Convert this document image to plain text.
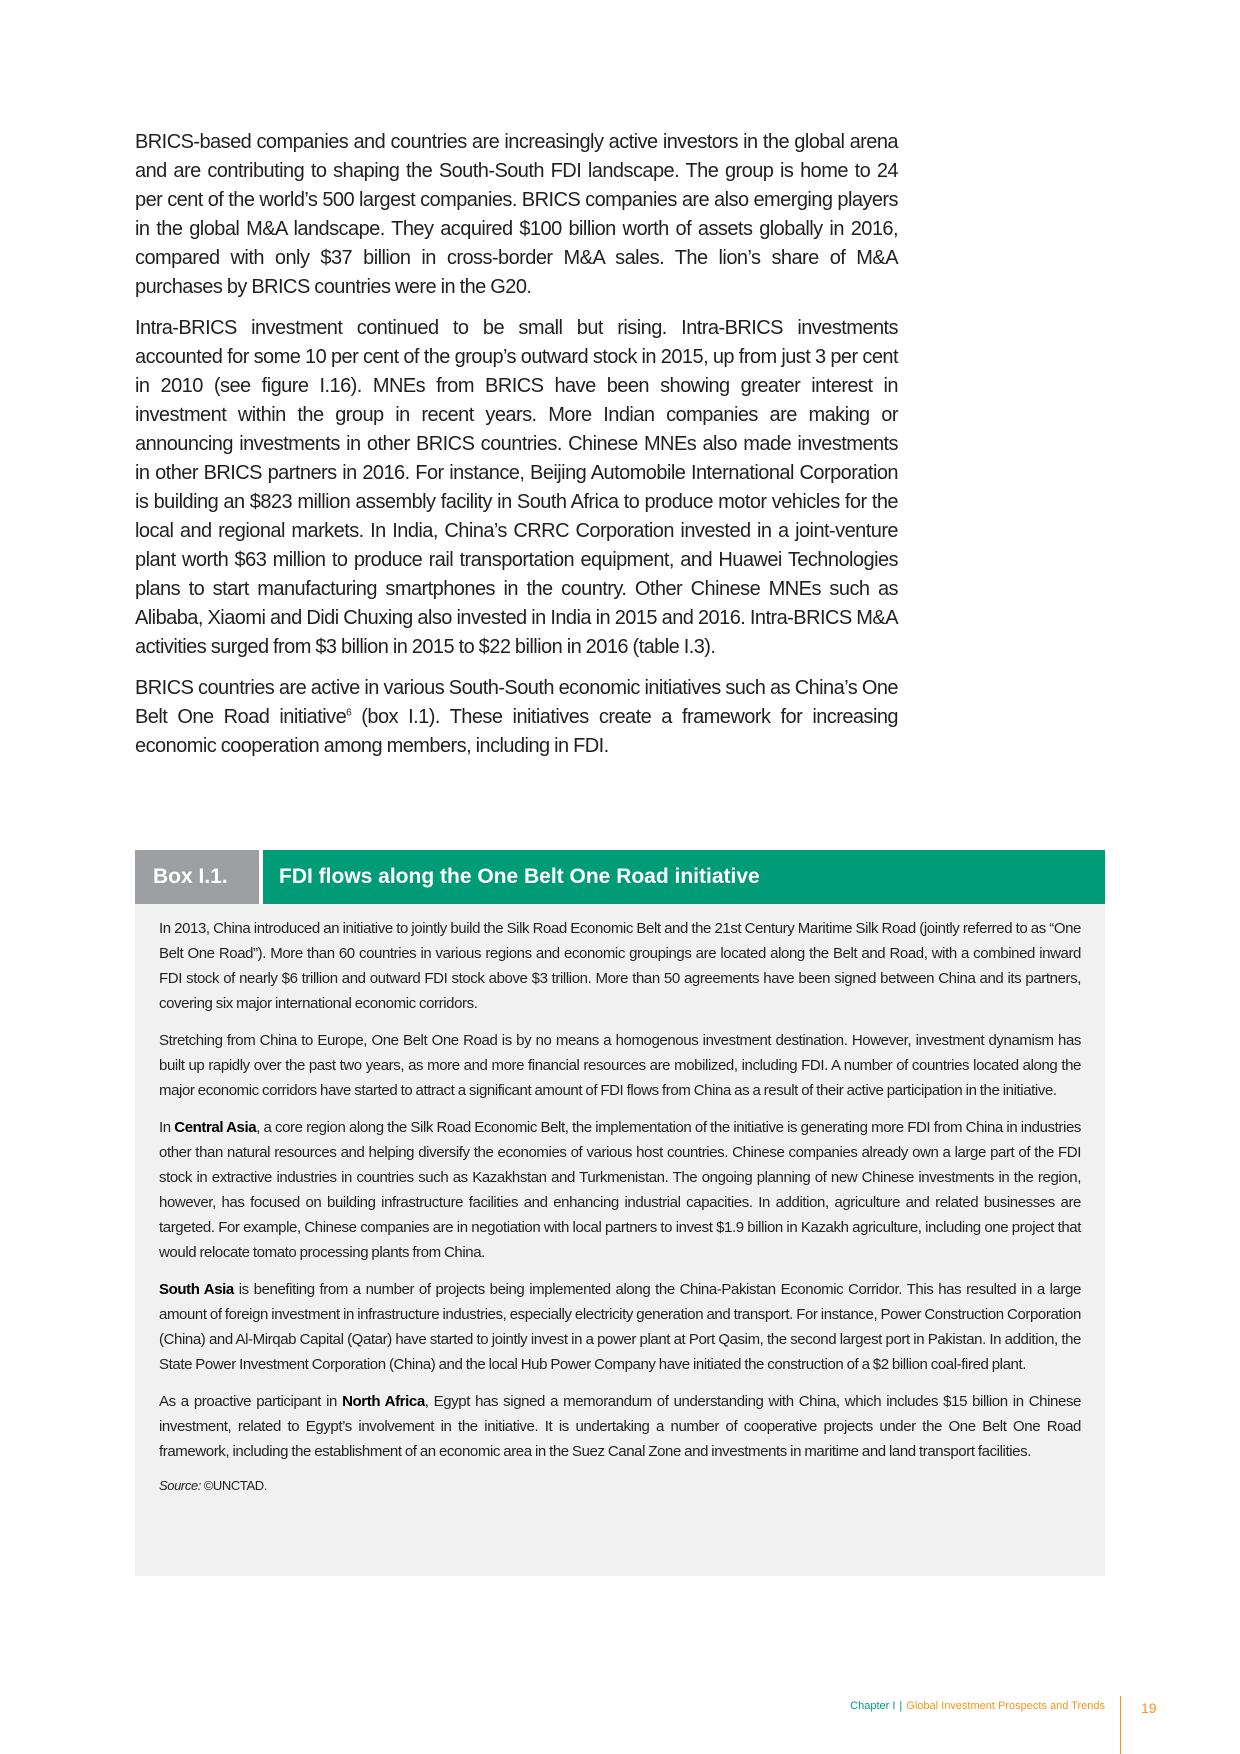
BRICS-based companies and countries are increasingly active investors in the global arena and are contributing to shaping the South-South FDI landscape. The group is home to 24 per cent of the world’s 500 largest companies. BRICS companies are also emerging players in the global M&A landscape. They acquired $100 billion worth of assets globally in 2016, compared with only $37 billion in cross-border M&A sales. The lion’s share of M&A purchases by BRICS countries were in the G20.

Intra-BRICS investment continued to be small but rising. Intra-BRICS investments accounted for some 10 per cent of the group’s outward stock in 2015, up from just 3 per cent in 2010 (see figure I.16). MNEs from BRICS have been showing greater interest in investment within the group in recent years. More Indian companies are making or announcing investments in other BRICS countries. Chinese MNEs also made investments in other BRICS partners in 2016. For instance, Beijing Automobile International Corporation is building an $823 million assembly facility in South Africa to produce motor vehicles for the local and regional markets. In India, China’s CRRC Corporation invested in a joint-venture plant worth $63 million to produce rail transportation equipment, and Huawei Technologies plans to start manufacturing smartphones in the country. Other Chinese MNEs such as Alibaba, Xiaomi and Didi Chuxing also invested in India in 2015 and 2016. Intra-BRICS M&A activities surged from $3 billion in 2015 to $22 billion in 2016 (table I.3).

BRICS countries are active in various South-South economic initiatives such as China’s One Belt One Road initiative$^6$ (box I.1). These initiatives create a framework for increasing economic cooperation among members, including in FDI.

Box I.1.	FDI flows along the One Belt One Road initiative

In 2013, China introduced an initiative to jointly build the Silk Road Economic Belt and the 21st Century Maritime Silk Road (jointly referred to as “One Belt One Road”). More than 60 countries in various regions and economic groupings are located along the Belt and Road, with a combined inward FDI stock of nearly $6 trillion and outward FDI stock above $3 trillion. More than 50 agreements have been signed between China and its partners, covering six major international economic corridors.

Stretching from China to Europe, One Belt One Road is by no means a homogenous investment destination. However, investment dynamism has built up rapidly over the past two years, as more and more financial resources are mobilized, including FDI. A number of countries located along the major economic corridors have started to attract a significant amount of FDI flows from China as a result of their active participation in the initiative.

In Central Asia, a core region along the Silk Road Economic Belt, the implementation of the initiative is generating more FDI from China in industries other than natural resources and helping diversify the economies of various host countries. Chinese companies already own a large part of the FDI stock in extractive industries in countries such as Kazakhstan and Turkmenistan. The ongoing planning of new Chinese investments in the region, however, has focused on building infrastructure facilities and enhancing industrial capacities. In addition, agriculture and related businesses are targeted. For example, Chinese companies are in negotiation with local partners to invest $1.9 billion in Kazakh agriculture, including one project that would relocate tomato processing plants from China.

South Asia is benefiting from a number of projects being implemented along the China-Pakistan Economic Corridor. This has resulted in a large amount of foreign investment in infrastructure industries, especially electricity generation and transport. For instance, Power Construction Corporation (China) and Al-Mirqab Capital (Qatar) have started to jointly invest in a power plant at Port Qasim, the second largest port in Pakistan. In addition, the State Power Investment Corporation (China) and the local Hub Power Company have initiated the construction of a $2 billion coal-fired plant.

As a proactive participant in North Africa, Egypt has signed a memorandum of understanding with China, which includes $15 billion in Chinese investment, related to Egypt’s involvement in the initiative. It is undertaking a number of cooperative projects under the One Belt One Road framework, including the establishment of an economic area in the Suez Canal Zone and investments in maritime and land transport facilities.

Source: ©UNCTAD.

Chapter I | Global Investment Prospects and Trends	19
